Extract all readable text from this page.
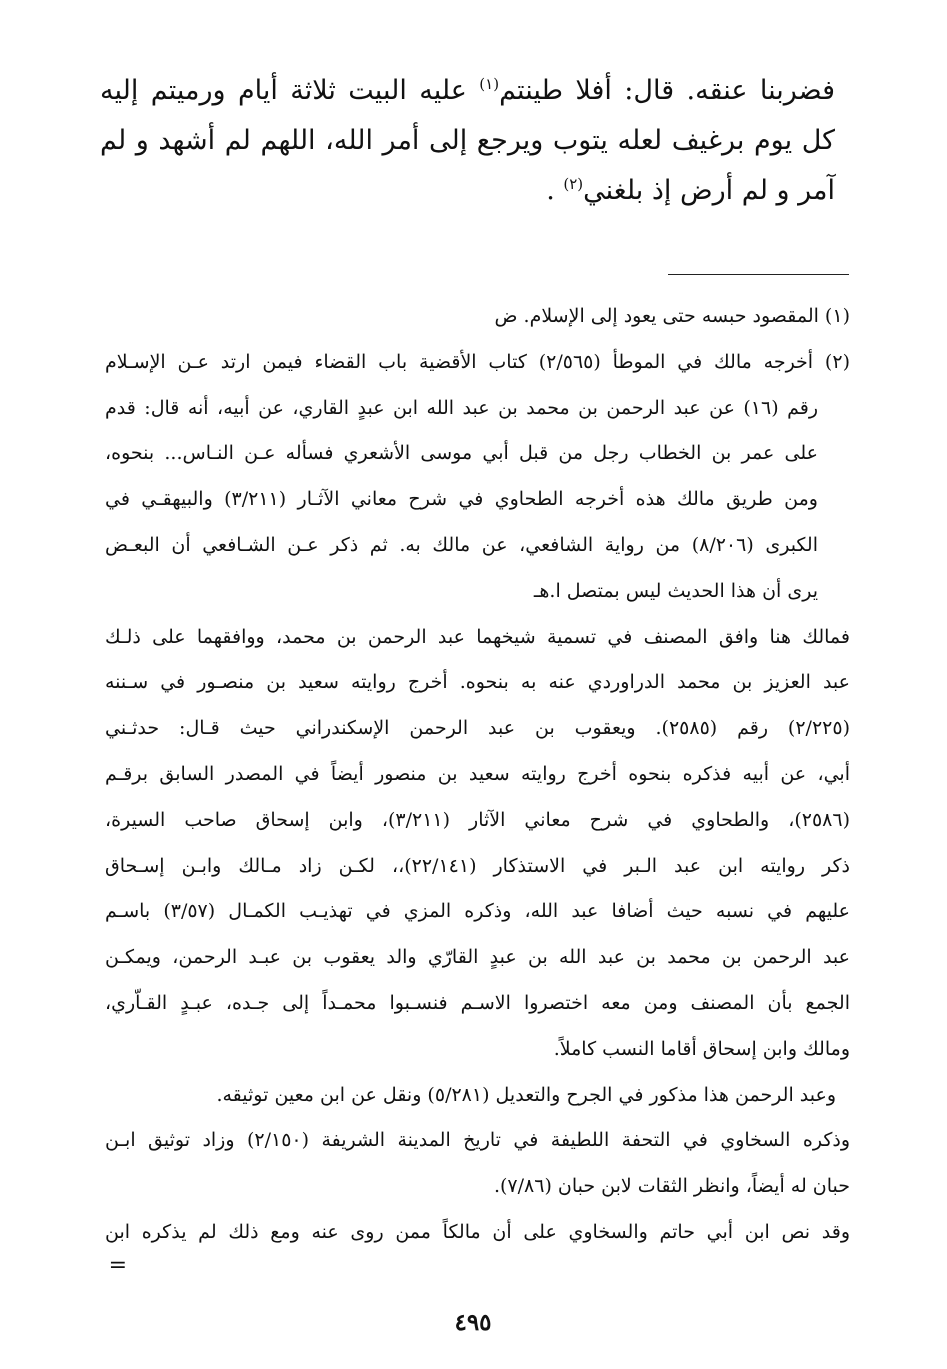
فضربنا عنقه. قال: أفلا طينتم$^{(١)}$ عليه البيت ثلاثة أيام ورميتم إليه
كل يوم برغيف لعله يتوب ويرجع إلى أمر الله، اللهم لم أشهد و لم
آمر و لم أرض إذ بلغني$^{(٢)}$ .
(١) المقصود حبسه حتى يعود إلى الإسلام. ض
(٢) أخرجه مالك في الموطأ (٢/٥٦٥) كتاب الأقضية باب القضاء فيمن ارتد عـن الإسـلام
رقم (١٦) عن عبد الرحمن بن محمد بن عبد الله ابن عبدٍ القاري، عن أبيه، أنه قال: قدم
على عمر بن الخطاب رجل من قبل أبي موسى الأشعري فسأله عـن النـاس... بنحوه،
ومن طريق مالك هذه أخرجه الطحاوي في شرح معاني الآثـار (٣/٢١١) والبيهقـي في
الكبرى (٨/٢٠٦) من رواية الشافعي، عن مالك به. ثم ذكر عـن الشـافعي أن البعـض
يرى أن هذا الحديث ليس بمتصل ا.هـ
فمالك هنا وافق المصنف في تسمية شيخهما عبد الرحمن بن محمد، ووافقهما على ذلـك
عبد العزيز بن محمد الدراوردي عنه به بنحوه. أخرج روايته سعيد بن منصـور في سـننه
(٢/٢٢٥) رقم (٢٥٨٥). ويعقوب بن عبد الرحمن الإسكندراني حيث قـال: حدثـني
أبي، عن أبيه فذكره بنحوه أخرج روايته سعيد بن منصور أيضاً في المصدر السابق برقـم
(٢٥٨٦)، والطحاوي في شرح معاني الآثار (٣/٢١١)، وابن إسحاق صاحب السيرة،
ذكر روايته ابن عبد الـبر في الاستذكار (٢٢/١٤١)،، لكـن زاد مـالك وابـن إسـحاق
عليهم في نسبه حيث أضافا عبد الله، وذكره المزي في تهذيـب الكمـال (٣/٥٧) باسـم
عبد الرحمن بن محمد بن عبد الله بن عبدٍ القارّي والد يعقوب بن عبـد الرحمن، ويمكـن
الجمع بأن المصنف ومن معه اختصروا الاسـم فنسـبوا محمـداً إلى جـده، عبـدٍ القـاّري،
ومالك وابن إسحاق أقاما النسب كاملاً.
وعبد الرحمن هذا مذكور في الجرح والتعديل (٥/٢٨١) ونقل عن ابن معين توثيقه.
وذكره السخاوي في التحفة اللطيفة في تاريخ المدينة الشريفة (٢/١٥٠) وزاد توثيق ابـن
حبان له أيضاً، وانظر الثقات لابن حبان (٧/٨٦).
وقد نص ابن أبي حاتم والسخاوي على أن مالكاً ممن روى عنه ومع ذلك لم يذكره ابن
=
٤٩٥
